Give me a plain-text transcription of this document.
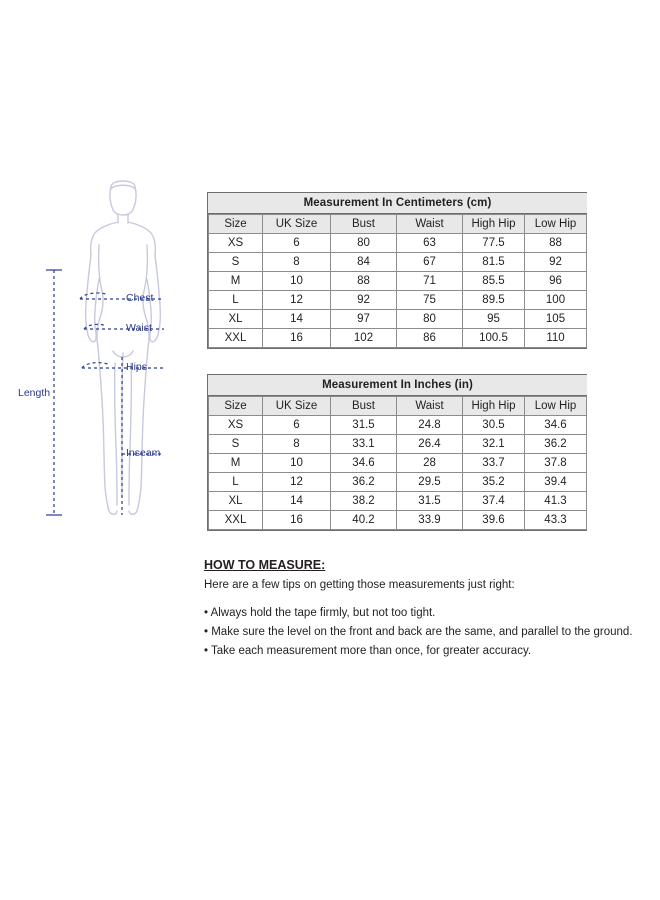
Chest
Waist
Hips
Inseam
Length
Measurement In Centimeters (cm)
Size	UK Size	Bust	Waist	High Hip	Low Hip
XS	6	80	63	77.5	88
S	8	84	67	81.5	92
M	10	88	71	85.5	96
L	12	92	75	89.5	100
XL	14	97	80	95	105
XXL	16	102	86	100.5	110
Measurement In Inches (in)
Size	UK Size	Bust	Waist	High Hip	Low Hip
XS	6	31.5	24.8	30.5	34.6
S	8	33.1	26.4	32.1	36.2
M	10	34.6	28	33.7	37.8
L	12	36.2	29.5	35.2	39.4
XL	14	38.2	31.5	37.4	41.3
XXL	16	40.2	33.9	39.6	43.3
HOW TO MEASURE:
Here are a few tips on getting those measurements just right:
• Always hold the tape firmly, but not too tight.
• Make sure the level on the front and back are the same, and parallel to the ground.
• Take each measurement more than once, for greater accuracy.
